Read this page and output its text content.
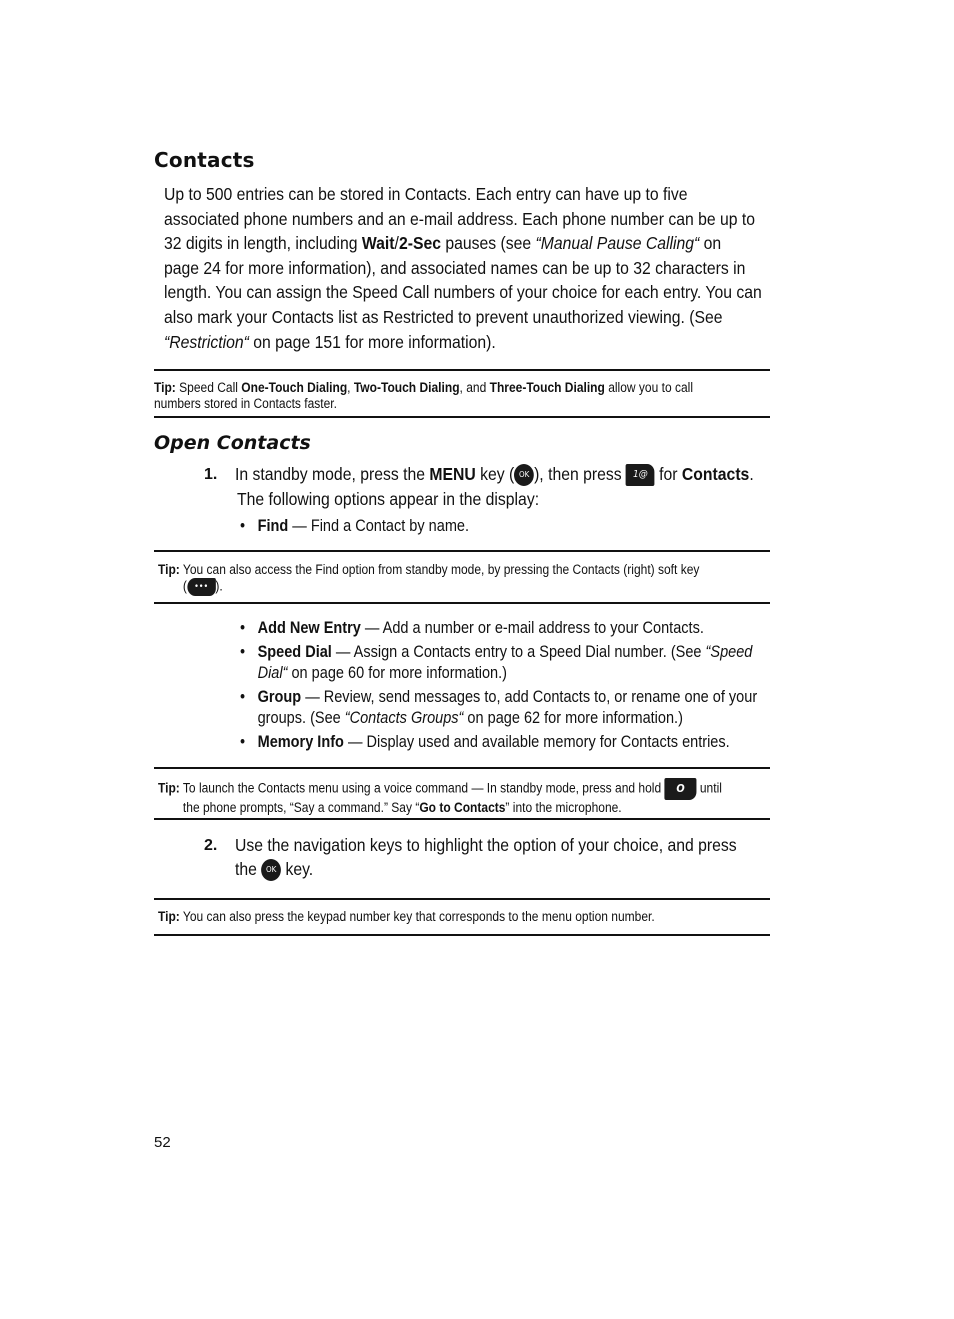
Contacts
Up to 500 entries can be stored in Contacts. Each entry can have up to five
associated phone numbers and an e-mail address. Each phone number can be up to
32 digits in length, including Wait/2-Sec pauses (see “Manual Pause Calling“ on
page 24 for more information), and associated names can be up to 32 characters in
length. You can assign the Speed Call numbers of your choice for each entry. You can
also mark your Contacts list as Restricted to prevent unauthorized viewing. (See
“Restriction“ on page 151 for more information).
Tip: Speed Call One-Touch Dialing, Two-Touch Dialing, and Three-Touch Dialing allow you to call
numbers stored in Contacts faster.
Open Contacts
1. In standby mode, press the MENU key ( OK ), then press 1@ for Contacts.
The following options appear in the display:
• Find — Find a Contact by name.
Tip: You can also access the Find option from standby mode, by pressing the Contacts (right) soft key
( ••• ).
• Add New Entry — Add a number or e-mail address to your Contacts.
• Speed Dial — Assign a Contacts entry to a Speed Dial number. (See “Speed
Dial“ on page 60 for more information.)
• Group — Review, send messages to, add Contacts to, or rename one of your
groups. (See “Contacts Groups“ on page 62 for more information.)
• Memory Info — Display used and available memory for Contacts entries.
Tip: To launch the Contacts menu using a voice command — In standby mode, press and hold O until
the phone prompts, “Say a command.” Say “Go to Contacts” into the microphone.
2. Use the navigation keys to highlight the option of your choice, and press
the OK key.
Tip: You can also press the keypad number key that corresponds to the menu option number.
52
